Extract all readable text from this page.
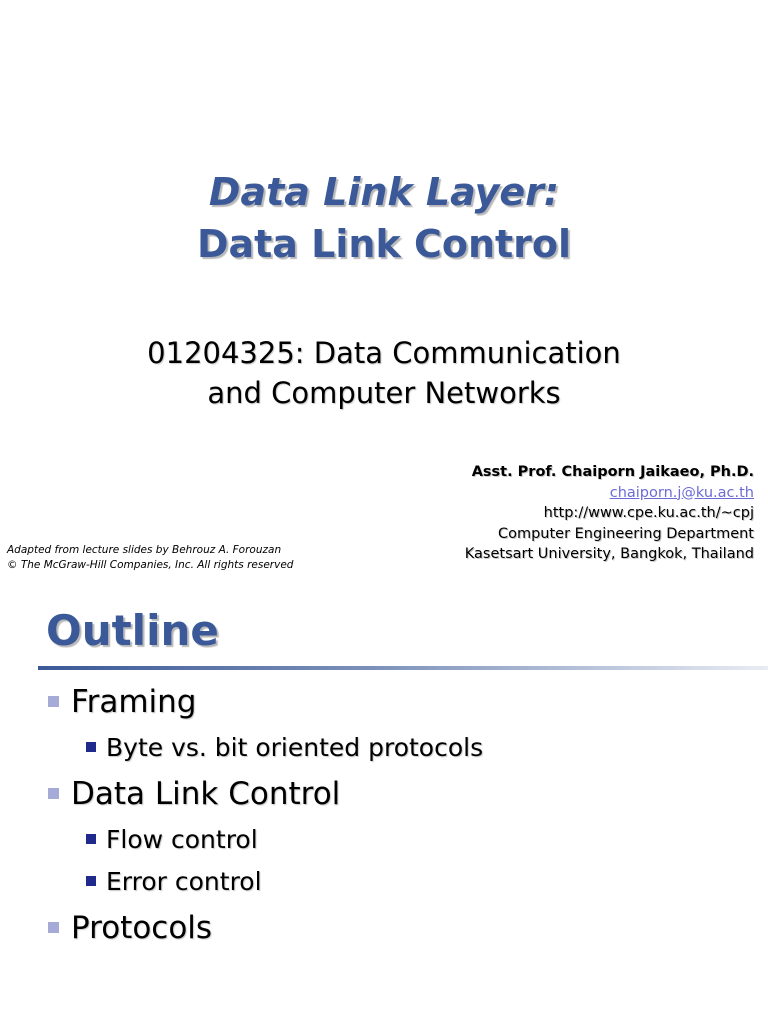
Data Link Layer:
Data Link Control
01204325: Data Communication
and Computer Networks
Asst. Prof. Chaiporn Jaikaeo, Ph.D.
chaiporn.j@ku.ac.th
http://www.cpe.ku.ac.th/~cpj
Computer Engineering Department
Kasetsart University, Bangkok, Thailand
Adapted from lecture slides by Behrouz A. Forouzan
© The McGraw-Hill Companies, Inc. All rights reserved
Outline
Framing
Byte vs. bit oriented protocols
Data Link Control
Flow control
Error control
Protocols
